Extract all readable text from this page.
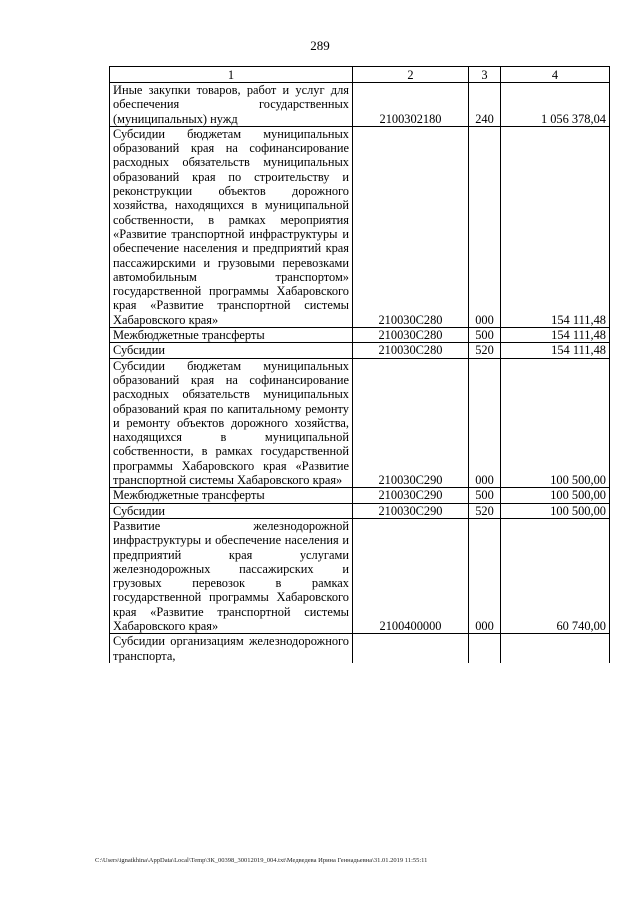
289
1	2	3	4
Иные закупки товаров, работ и услуг для обеспечения государственных (муниципальных) нужд	2100302180	240	1 056 378,04
Субсидии бюджетам муниципальных образований края на софинансирование расходных обязательств муниципальных образований края по строительству и реконструкции объектов дорожного хозяйства, находящихся в муниципальной собственности, в рамках мероприятия «Развитие транспортной инфраструктуры и обеспечение населения и предприятий края пассажирскими и грузовыми перевозками автомобильным транспортом» государственной программы Хабаровского края «Развитие транспортной системы Хабаровского края»	210030С280	000	154 111,48
Межбюджетные трансферты	210030С280	500	154 111,48
Субсидии	210030С280	520	154 111,48
Субсидии бюджетам муниципальных образований края на софинансирование расходных обязательств муниципальных образований края по капитальному ремонту и ремонту объектов дорожного хозяйства, находящихся в муниципальной собственности, в рамках государственной программы Хабаровского края «Развитие транспортной системы Хабаровского края»	210030С290	000	100 500,00
Межбюджетные трансферты	210030С290	500	100 500,00
Субсидии	210030С290	520	100 500,00
Развитие железнодорожной инфраструктуры и обеспечение населения и предприятий края услугами железнодорожных пассажирских и грузовых перевозок в рамках государственной программы Хабаровского края «Развитие транспортной системы Хабаровского края»	2100400000	000	60 740,00
Субсидии организациям железнодорожного транспорта,			
C:\Users\ignatkhina\AppData\Local\Temp\ЗК_00398_30012019_004.txt\Медведева Ирина Геннадьевна\31.01.2019 11:55:11
